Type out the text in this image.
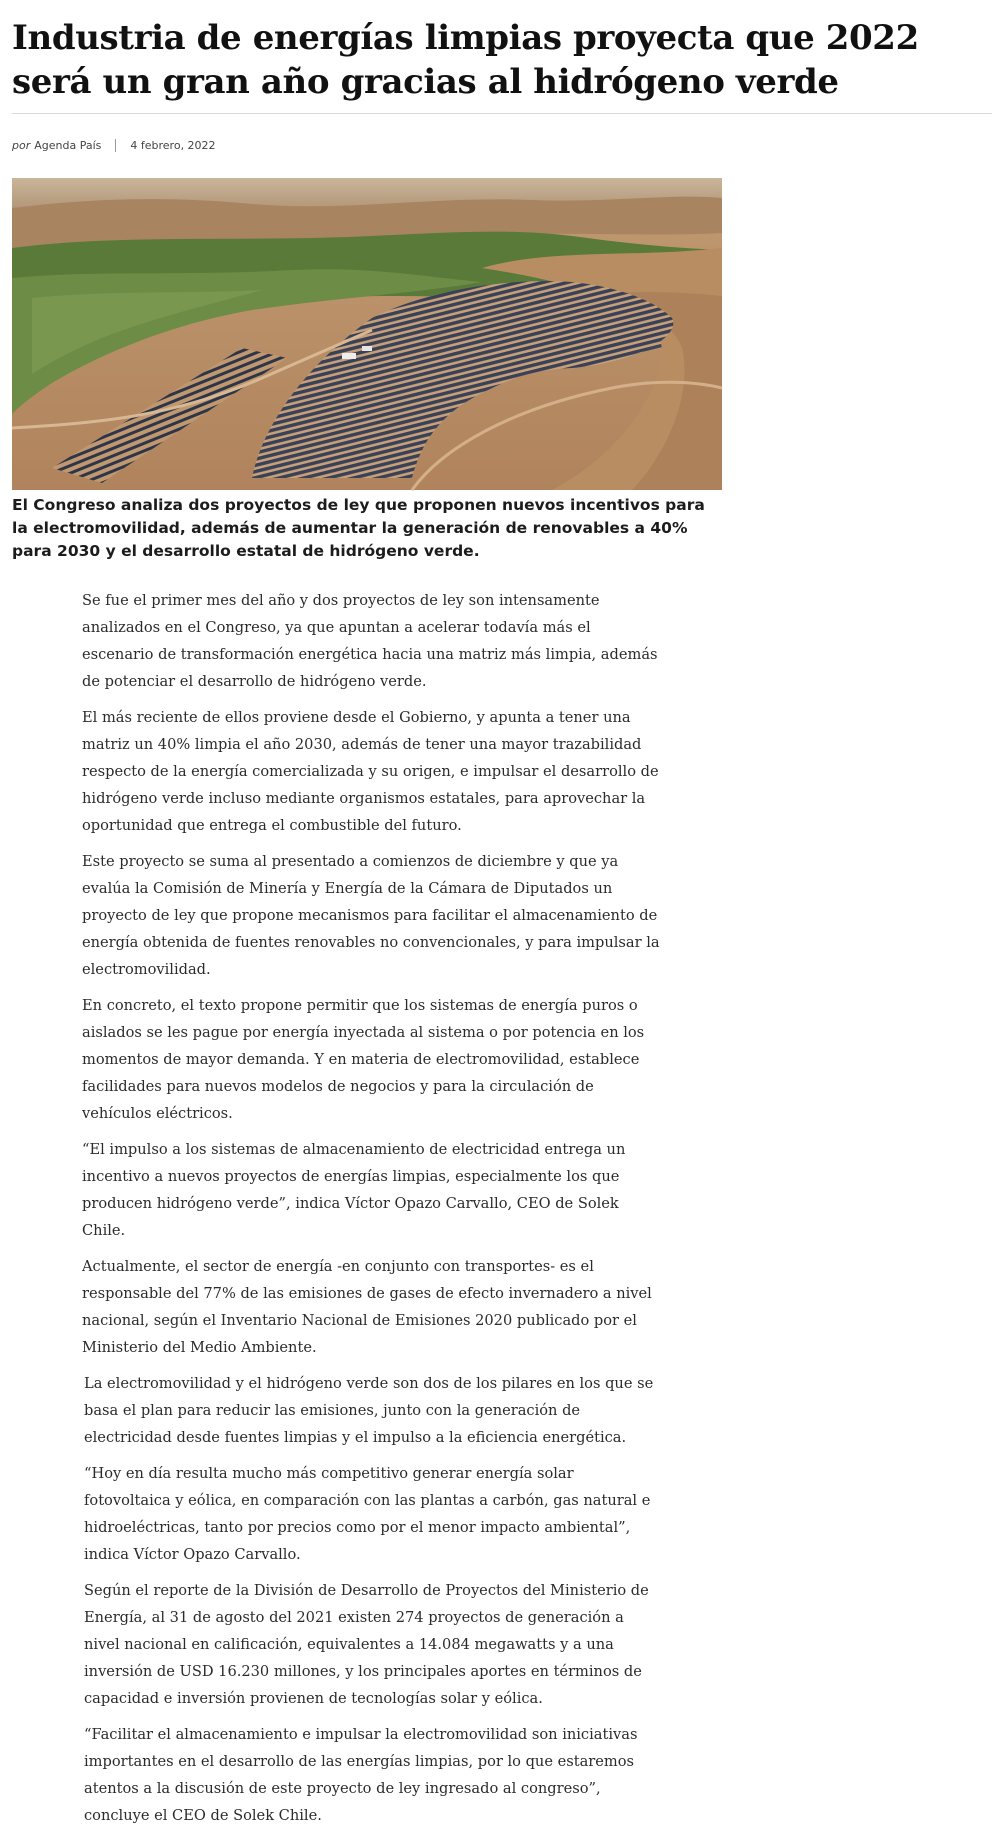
Industria de energías limpias proyecta que 2022 será un gran año gracias al hidrógeno verde
por Agenda País	4 febrero, 2022

El Congreso analiza dos proyectos de ley que proponen nuevos incentivos para la electromovilidad, además de aumentar la generación de renovables a 40% para 2030 y el desarrollo estatal de hidrógeno verde.

Se fue el primer mes del año y dos proyectos de ley son intensamente analizados en el Congreso, ya que apuntan a acelerar todavía más el escenario de transformación energética hacia una matriz más limpia, además de potenciar el desarrollo de hidrógeno verde.

El más reciente de ellos proviene desde el Gobierno, y apunta a tener una matriz un 40% limpia el año 2030, además de tener una mayor trazabilidad respecto de la energía comercializada y su origen, e impulsar el desarrollo de hidrógeno verde incluso mediante organismos estatales, para aprovechar la oportunidad que entrega el combustible del futuro.

Este proyecto se suma al presentado a comienzos de diciembre y que ya evalúa la Comisión de Minería y Energía de la Cámara de Diputados un proyecto de ley que propone mecanismos para facilitar el almacenamiento de energía obtenida de fuentes renovables no convencionales, y para impulsar la electromovilidad.

En concreto, el texto propone permitir que los sistemas de energía puros o aislados se les pague por energía inyectada al sistema o por potencia en los momentos de mayor demanda. Y en materia de electromovilidad, establece facilidades para nuevos modelos de negocios y para la circulación de vehículos eléctricos.

“El impulso a los sistemas de almacenamiento de electricidad entrega un incentivo a nuevos proyectos de energías limpias, especialmente los que producen hidrógeno verde”, indica Víctor Opazo Carvallo, CEO de Solek Chile.

Actualmente, el sector de energía -en conjunto con transportes- es el responsable del 77% de las emisiones de gases de efecto invernadero a nivel nacional, según el Inventario Nacional de Emisiones 2020 publicado por el Ministerio del Medio Ambiente.

La electromovilidad y el hidrógeno verde son dos de los pilares en los que se basa el plan para reducir las emisiones, junto con la generación de electricidad desde fuentes limpias y el impulso a la eficiencia energética.

“Hoy en día resulta mucho más competitivo generar energía solar fotovoltaica y eólica, en comparación con las plantas a carbón, gas natural e hidroeléctricas, tanto por precios como por el menor impacto ambiental”, indica Víctor Opazo Carvallo.

Según el reporte de la División de Desarrollo de Proyectos del Ministerio de Energía, al 31 de agosto del 2021 existen 274 proyectos de generación a nivel nacional en calificación, equivalentes a 14.084 megawatts y a una inversión de USD 16.230 millones, y los principales aportes en términos de capacidad e inversión provienen de tecnologías solar y eólica.

“Facilitar el almacenamiento e impulsar la electromovilidad son iniciativas importantes en el desarrollo de las energías limpias, por lo que estaremos atentos a la discusión de este proyecto de ley ingresado al congreso”, concluye el CEO de Solek Chile.
